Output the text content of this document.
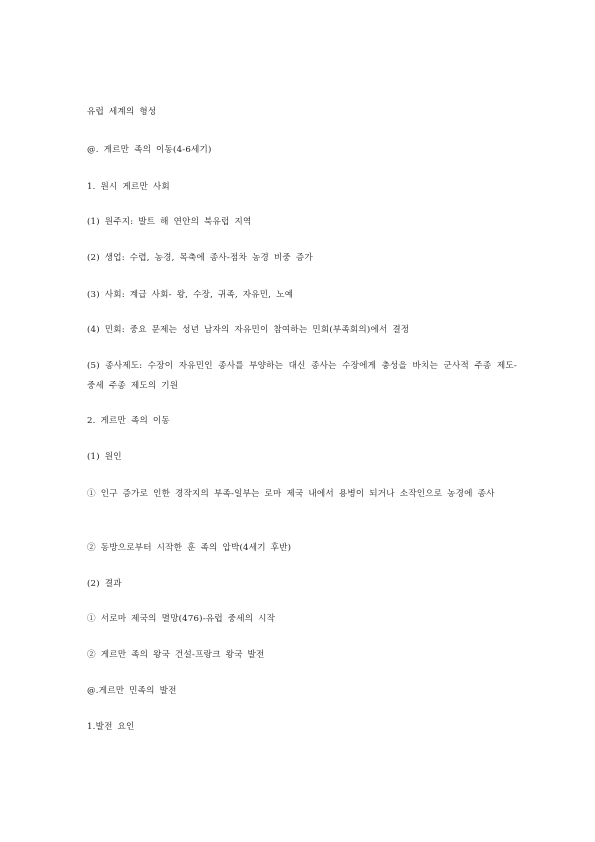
유럽 세계의 형성
@. 게르만 족의 이동(4-6세기)
1. 원시 게르만 사회
(1) 원주지: 발트 해 연안의 북유럽 지역
(2) 생업: 수렵, 농경, 목축에 종사-점차 농경 비중 증가
(3) 사회: 계급 사회- 왕, 수장, 귀족, 자유민, 노예
(4) 민회: 중요 문제는 성년 남자의 자유민이 참여하는 민회(부족회의)에서 결정
(5) 종사제도: 수장이 자유민인 종사를 부양하는 대신 종사는 수장에게 충성을 바치는 군사적 주종 제도- 중세 주종 제도의 기원
2. 게르만 족의 이동
(1) 원인
① 인구 증가로 인한 경작지의 부족-일부는 로마 제국 내에서 용병이 되거나 소작인으로 농경에 종사
② 동방으로부터 시작한 훈 족의 압박(4세기 후반)
(2) 결과
① 서로마 제국의 멸망(476)-유럽 중세의 시작
② 게르만 족의 왕국 건설-프랑크 왕국 발전
@.게르만 민족의 발전
1.발전 요인
